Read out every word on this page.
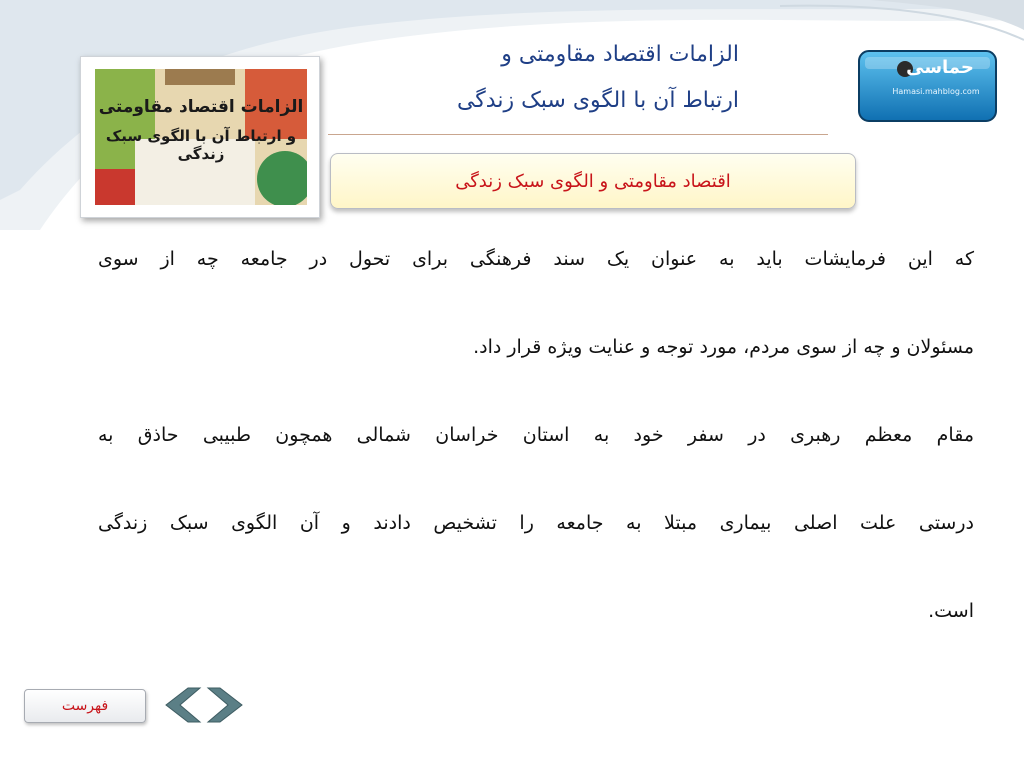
الزامات اقتصاد مقاومتی
و ارتباط آن با الگوی سبک زندگی
الزامات اقتصاد مقاومتی و
ارتباط آن با الگوی سبک زندگی
حماسی
Hamasi.mahblog.com
اقتصاد مقاومتی و الگوی سبک زندگی
که این فرمایشات باید به عنوان یک سند فرهنگی برای تحول در جامعه چه از سوی
مسئولان و چه از سوی مردم، مورد توجه و عنایت ویژه قرار داد.
مقام معظم رهبری در سفر خود به استان خراسان شمالی همچون طبیبی حاذق به
درستی علت اصلی بیماری مبتلا به جامعه را تشخیص دادند و آن الگوی سبک زندگی
است.
فهرست
